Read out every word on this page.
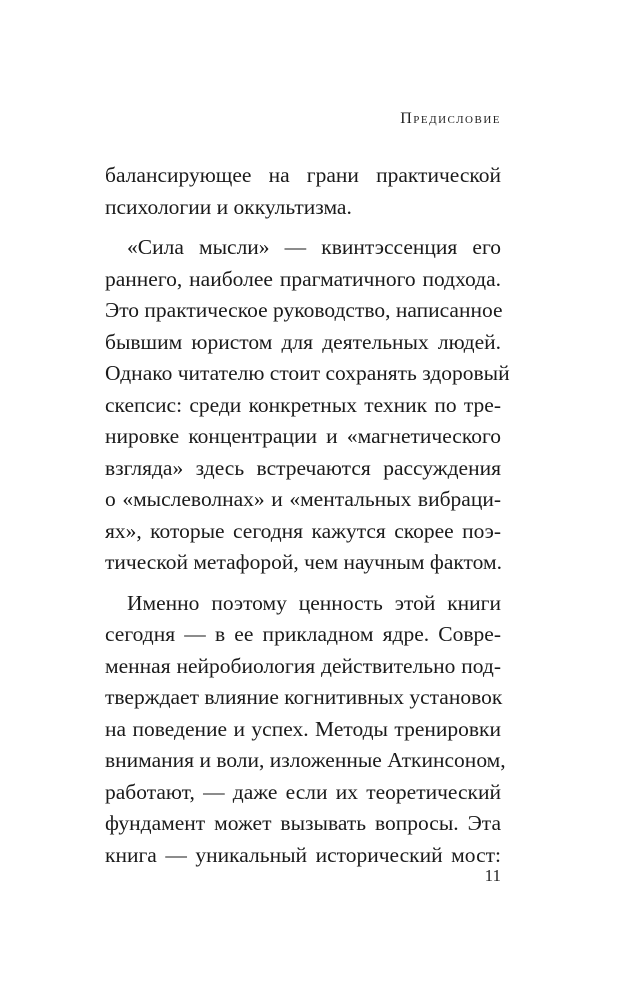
Предисловие
балансирующее на грани практической
психологии и оккультизма.
«Сила мысли» — квинтэссенция его
раннего, наиболее прагматичного подхода.
Это практическое руководство, написанное
бывшим юристом для деятельных людей.
Однако читателю стоит сохранять здоровый
скепсис: среди конкретных техник по тре-
нировке концентрации и «магнетического
взгляда» здесь встречаются рассуждения
о «мыслеволнах» и «ментальных вибраци-
ях», которые сегодня кажутся скорее поэ-
тической метафорой, чем научным фактом.
Именно поэтому ценность этой книги
сегодня — в ее прикладном ядре. Совре-
менная нейробиология действительно под-
тверждает влияние когнитивных установок
на поведение и успех. Методы тренировки
внимания и воли, изложенные Аткинсоном,
работают, — даже если их теоретический
фундамент может вызывать вопросы. Эта
книга — уникальный исторический мост:
11
